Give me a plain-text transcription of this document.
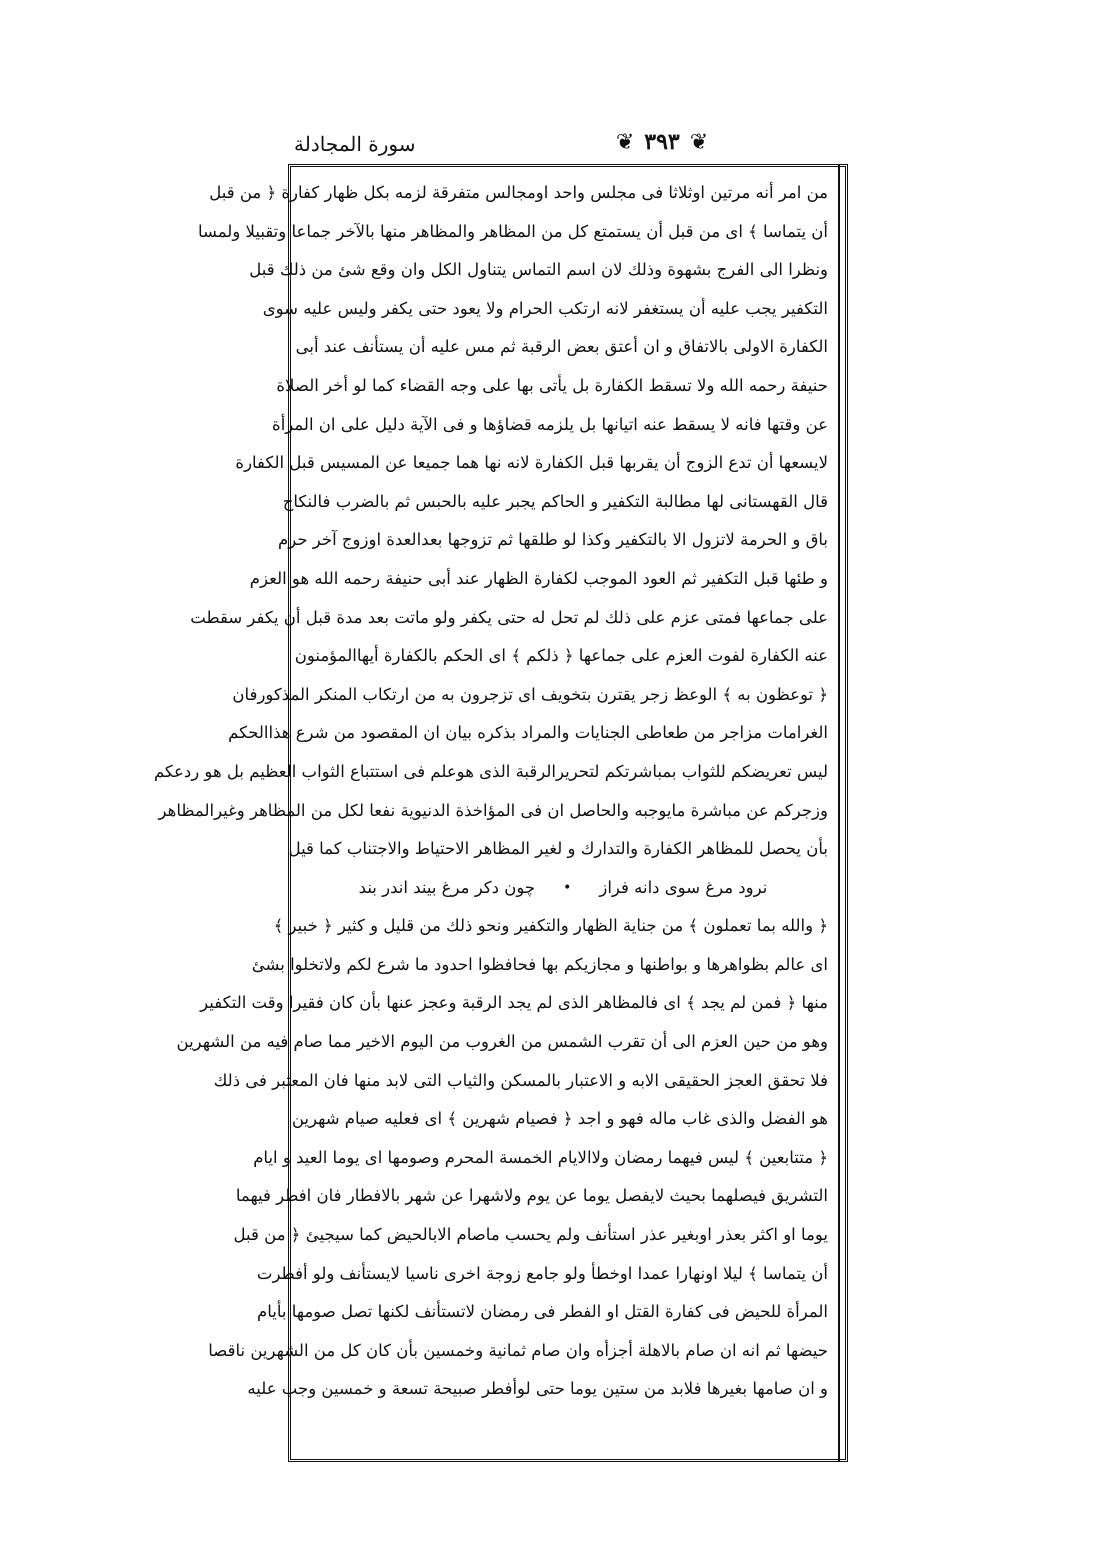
سورة المجادلة	❦ ٣٩٣ ❦
من امر أنه مرتين اوثلاثا فى مجلس واحد اومجالس متفرقة لزمه بكل ظهار كفارة ﴿ من قبل
أن يتماسا ﴾ اى من قبل أن يستمتع كل من المظاهر والمظاهر منها بالآخر جماعا وتقبيلا ولمسا
ونظرا الى الفرج بشهوة وذلك لان اسم التماس يتناول الكل وان وقع شئ من ذلك قبل
التكفير يجب عليه أن يستغفر لانه ارتكب الحرام ولا يعود حتى يكفر وليس عليه سوى
الكفارة الاولى بالاتفاق و ان أعتق بعض الرقبة ثم مس عليه أن يستأنف عند أبى
حنيفة رحمه الله ولا تسقط الكفارة بل يأتى بها على وجه القضاء كما لو أخر الصلاة
عن وقتها فانه لا يسقط عنه اتيانها بل يلزمه قضاؤها و فى الآية دليل على ان المرأة
لايسعها أن تدع الزوج أن يقربها قبل الكفارة لانه نها هما جميعا عن المسيس قبل الكفارة
قال القهستانى لها مطالبة التكفير و الحاكم يجبر عليه بالحبس ثم بالضرب فالنكاح
باق و الحرمة لاتزول الا بالتكفير وكذا لو طلقها ثم تزوجها بعدالعدة اوزوج آخر حرم
و طئها قبل التكفير ثم العود الموجب لكفارة الظهار عند أبى حنيفة رحمه الله هو العزم
على جماعها فمتى عزم على ذلك لم تحل له حتى يكفر ولو ماتت بعد مدة قبل أن يكفر سقطت
عنه الكفارة لفوت العزم على جماعها ﴿ ذلكم ﴾ اى الحكم بالكفارة أيهاالمؤمنون
﴿ توعظون به ﴾ الوعظ زجر يقترن بتخويف اى تزجرون به من ارتكاب المنكر المذكورفان
الغرامات مزاجر من طعاطى الجنايات والمراد بذكره بيان ان المقصود من شرع هذاالحكم
ليس تعريضكم للثواب بمباشرتكم لتحريرالرقبة الذى هوعلم فى استتباع الثواب العظيم بل هو ردعكم
وزجركم عن مباشرة مايوجبه والحاصل ان فى المؤاخذة الدنيوية نفعا لكل من المظاهر وغيرالمظاهر
بأن يحصل للمظاهر الكفارة والتدارك و لغير المظاهر الاحتياط والاجتناب كما قيل
نرود مرغ سوى دانه فراز
•
چون دكر مرغ بيند اندر بند
﴿ والله بما تعملون ﴾ من جناية الظهار والتكفير ونحو ذلك من قليل و كثير ﴿ خبير ﴾
اى عالم بظواهرها و بواطنها و مجازيكم بها فحافظوا احدود ما شرع لكم ولاتخلوا بشئ
منها ﴿ فمن لم يجد ﴾ اى فالمظاهر الذى لم يجد الرقبة وعجز عنها بأن كان فقيرا وقت التكفير
وهو من حين العزم الى أن تقرب الشمس من الغروب من اليوم الاخير مما صام فيه من الشهرين
فلا تحقق العجز الحقيقى الابه و الاعتبار بالمسكن والثياب التى لابد منها فان المعتبر فى ذلك
هو الفضل والذى غاب ماله فهو و اجد ﴿ فصيام شهرين ﴾ اى فعليه صيام شهرين
﴿ متتابعين ﴾ ليس فيهما رمضان ولاالايام الخمسة المحرم وصومها اى يوما العيد و ايام
التشريق فيصلهما بحيث لايفصل يوما عن يوم ولاشهرا عن شهر بالافطار فان افطر فيهما
يوما او اكثر بعذر اوبغير عذر استأنف ولم يحسب ماصام الابالحيض كما سيجيئ ﴿ من قبل
أن يتماسا ﴾ ليلا اونهارا عمدا اوخطأ ولو جامع زوجة اخرى ناسيا لايستأنف ولو أفطرت
المرأة للحيض فى كفارة القتل او الفطر فى رمضان لاتستأنف لكنها تصل صومها بأيام
حيضها ثم انه ان صام بالاهلة أجزأه وان صام ثمانية وخمسين بأن كان كل من الشهرين ناقصا
و ان صامها بغيرها فلابد من ستين يوما حتى لوأفطر صبيحة تسعة و خمسين وجب عليه
